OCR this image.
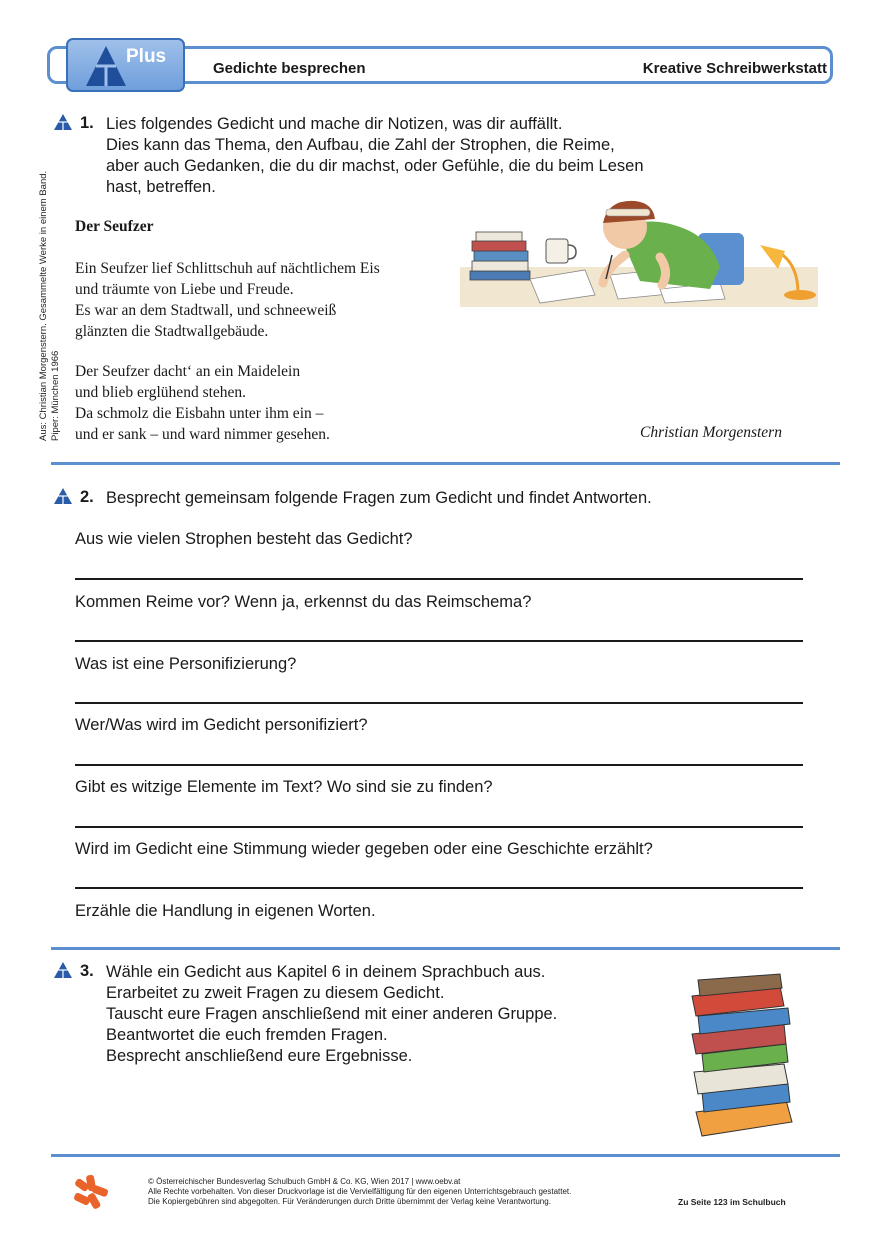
Plus
Gedichte besprechen	Kreative Schreibwerkstatt
Aus: Christian Morgenstern. Gesammelte Werke in einem Band. Piper: München 1966
1. Lies folgendes Gedicht und mache dir Notizen, was dir auffällt.
Dies kann das Thema, den Aufbau, die Zahl der Strophen, die Reime,
aber auch Gedanken, die du dir machst, oder Gefühle, die du beim Lesen
hast, betreffen.
Der Seufzer
Ein Seufzer lief Schlittschuh auf nächtlichem Eis
und träumte von Liebe und Freude.
Es war an dem Stadtwall, und schneeweiß
glänzten die Stadtwallgebäude.
Der Seufzer dacht‘ an ein Maidelein
und blieb erglühend stehen.
Da schmolz die Eisbahn unter ihm ein –
und er sank – und ward nimmer gesehen.	Christian Morgenstern
2. Besprecht gemeinsam folgende Fragen zum Gedicht und findet Antworten.
Aus wie vielen Strophen besteht das Gedicht?
Kommen Reime vor? Wenn ja, erkennst du das Reimschema?
Was ist eine Personifizierung?
Wer/Was wird im Gedicht personifiziert?
Gibt es witzige Elemente im Text? Wo sind sie zu finden?
Wird im Gedicht eine Stimmung wieder gegeben oder eine Geschichte erzählt?
Erzähle die Handlung in eigenen Worten.
3. Wähle ein Gedicht aus Kapitel 6 in deinem Sprachbuch aus.
Erarbeitet zu zweit Fragen zu diesem Gedicht.
Tauscht eure Fragen anschließend mit einer anderen Gruppe.
Beantwortet die euch fremden Fragen.
Besprecht anschließend eure Ergebnisse.
© Österreichischer Bundesverlag Schulbuch GmbH & Co. KG, Wien 2017 | www.oebv.at
Alle Rechte vorbehalten. Von dieser Druckvorlage ist die Vervielfältigung für den eigenen Unterrichtsgebrauch gestattet.
Die Kopiergebühren sind abgegolten. Für Veränderungen durch Dritte übernimmt der Verlag keine Verantwortung.	Zu Seite 123 im Schulbuch
